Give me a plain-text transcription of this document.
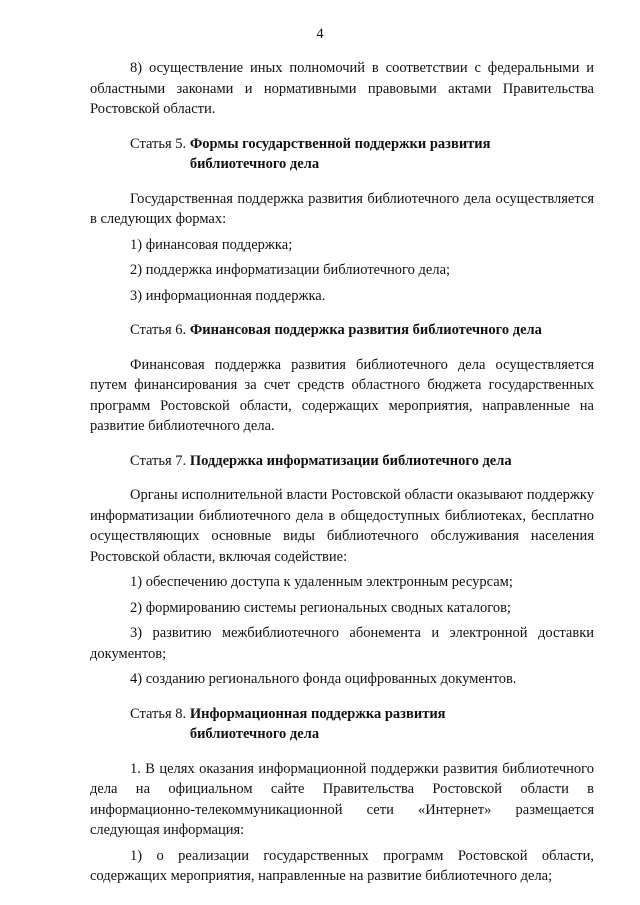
4

8) осуществление иных полномочий в соответствии с федеральными и областными законами и нормативными правовыми актами Правительства Ростовской области.

Статья 5. Формы государственной поддержки развития
библиотечного дела

Государственная поддержка развития библиотечного дела осуществляется в следующих формах:

1) финансовая поддержка;

2) поддержка информатизации библиотечного дела;

3) информационная поддержка.

Статья 6. Финансовая поддержка развития библиотечного дела

Финансовая поддержка развития библиотечного дела осуществляется путем финансирования за счет средств областного бюджета государственных программ Ростовской области, содержащих мероприятия, направленные на развитие библиотечного дела.

Статья 7. Поддержка информатизации библиотечного дела

Органы исполнительной власти Ростовской области оказывают поддержку информатизации библиотечного дела в общедоступных библиотеках, бесплатно осуществляющих основные виды библиотечного обслуживания населения Ростовской области, включая содействие:

1) обеспечению доступа к удаленным электронным ресурсам;

2) формированию системы региональных сводных каталогов;

3) развитию межбиблиотечного абонемента и электронной доставки документов;

4) созданию регионального фонда оцифрованных документов.

Статья 8. Информационная поддержка развития
библиотечного дела

1. В целях оказания информационной поддержки развития библиотечного дела на официальном сайте Правительства Ростовской области в информационно-телекоммуникационной сети «Интернет» размещается следующая информация:

1) о реализации государственных программ Ростовской области, содержащих мероприятия, направленные на развитие библиотечного дела;
